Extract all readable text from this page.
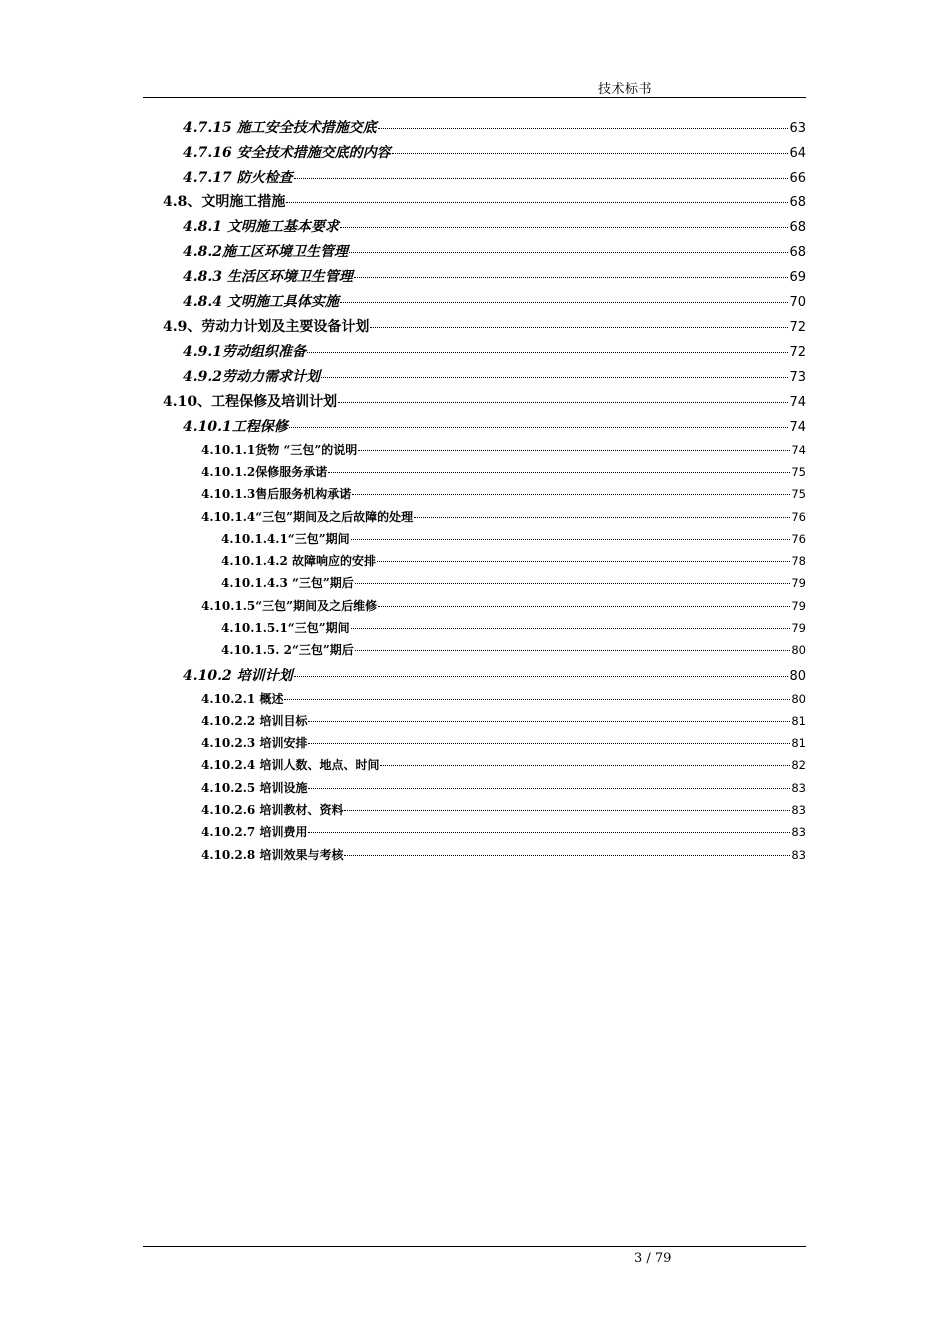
技术标书
4.7.15 施工安全技术措施交底	63
4.7.16 安全技术措施交底的内容	64
4.7.17 防火检查	66
4.8、文明施工措施	68
4.8.1 文明施工基本要求	68
4.8.2施工区环境卫生管理	68
4.8.3 生活区环境卫生管理	69
4.8.4 文明施工具体实施	70
4.9、劳动力计划及主要设备计划	72
4.9.1劳动组织准备	72
4.9.2劳动力需求计划	73
4.10、工程保修及培训计划	74
4.10.1工程保修	74
4.10.1.1货物 “三包”的说明	74
4.10.1.2保修服务承诺	75
4.10.1.3售后服务机构承诺	75
4.10.1.4“三包”期间及之后故障的处理	76
4.10.1.4.1“三包”期间	76
4.10.1.4.2 故障响应的安排	78
4.10.1.4.3 “三包”期后	79
4.10.1.5“三包”期间及之后维修	79
4.10.1.5.1“三包”期间	79
4.10.1.5. 2“三包”期后	80
4.10.2 培训计划	80
4.10.2.1 概述	80
4.10.2.2 培训目标	81
4.10.2.3 培训安排	81
4.10.2.4 培训人数、地点、时间	82
4.10.2.5 培训设施	83
4.10.2.6 培训教材、资料	83
4.10.2.7 培训费用	83
4.10.2.8 培训效果与考核	83
3 / 79
